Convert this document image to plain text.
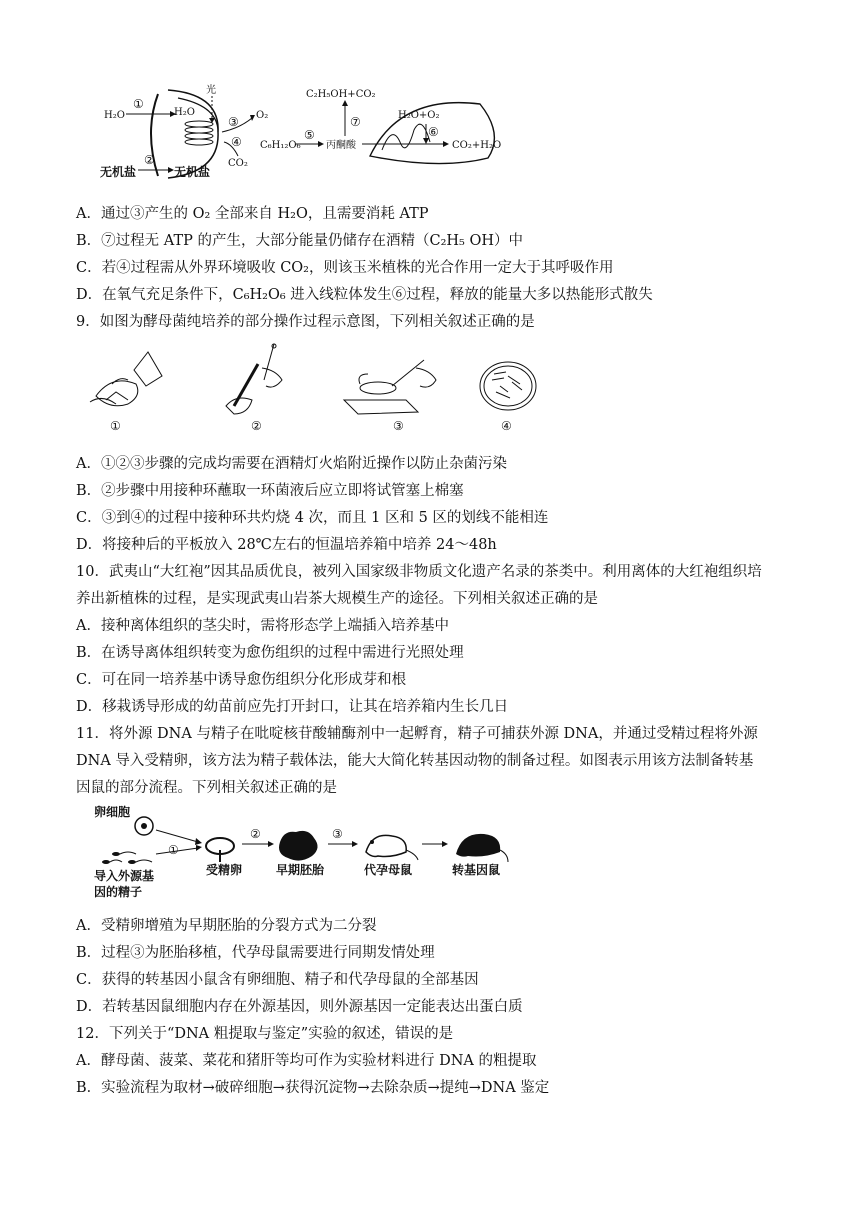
光
H₂O
①
H₂O
③ O₂
④
CO₂
C₆H₁₂O₆
⑤
丙酮酸
⑦
C₂H₅OH+CO₂
H₂O+O₂
⑥
CO₂+H₂O
无机盐
②
无机盐
A．通过③产生的 O₂ 全部来自 H₂O，且需要消耗 ATP
B．⑦过程无 ATP 的产生，大部分能量仍储存在酒精（C₂H₅ OH）中
C．若④过程需从外界环境吸收 CO₂，则该玉米植株的光合作用一定大于其呼吸作用
D．在氧气充足条件下，C₆H₂O₆ 进入线粒体发生⑥过程，释放的能量大多以热能形式散失
9．如图为酵母菌纯培养的部分操作过程示意图，下列相关叙述正确的是
①	②	③	④
A．①②③步骤的完成均需要在酒精灯火焰附近操作以防止杂菌污染
B．②步骤中用接种环蘸取一环菌液后应立即将试管塞上棉塞
C．③到④的过程中接种环共灼烧 4 次，而且 1 区和 5 区的划线不能相连
D．将接种后的平板放入 28℃左右的恒温培养箱中培养 24～48h
10．武夷山“大红袍”因其品质优良，被列入国家级非物质文化遗产名录的茶类中。利用离体的大红袍组织培
养出新植株的过程，是实现武夷山岩茶大规模生产的途径。下列相关叙述正确的是
A．接种离体组织的茎尖时，需将形态学上端插入培养基中
B．在诱导离体组织转变为愈伤组织的过程中需进行光照处理
C．可在同一培养基中诱导愈伤组织分化形成芽和根
D．移栽诱导形成的幼苗前应先打开封口，让其在培养箱内生长几日
11．将外源 DNA 与精子在吡啶核苷酸辅酶剂中一起孵育，精子可捕获外源 DNA，并通过受精过程将外源
DNA 导入受精卵，该方法为精子载体法，能大大简化转基因动物的制备过程。如图表示用该方法制备转基
因鼠的部分流程。下列相关叙述正确的是
卵细胞
①
导入外源基
因的精子
受精卵
②
早期胚胎
③
代孕母鼠	转基因鼠
A．受精卵增殖为早期胚胎的分裂方式为二分裂
B．过程③为胚胎移植，代孕母鼠需要进行同期发情处理
C．获得的转基因小鼠含有卵细胞、精子和代孕母鼠的全部基因
D．若转基因鼠细胞内存在外源基因，则外源基因一定能表达出蛋白质
12．下列关于“DNA 粗提取与鉴定”实验的叙述，错误的是
A．酵母菌、菠菜、菜花和猪肝等均可作为实验材料进行 DNA 的粗提取
B．实验流程为取材→破碎细胞→获得沉淀物→去除杂质→提纯→DNA 鉴定
